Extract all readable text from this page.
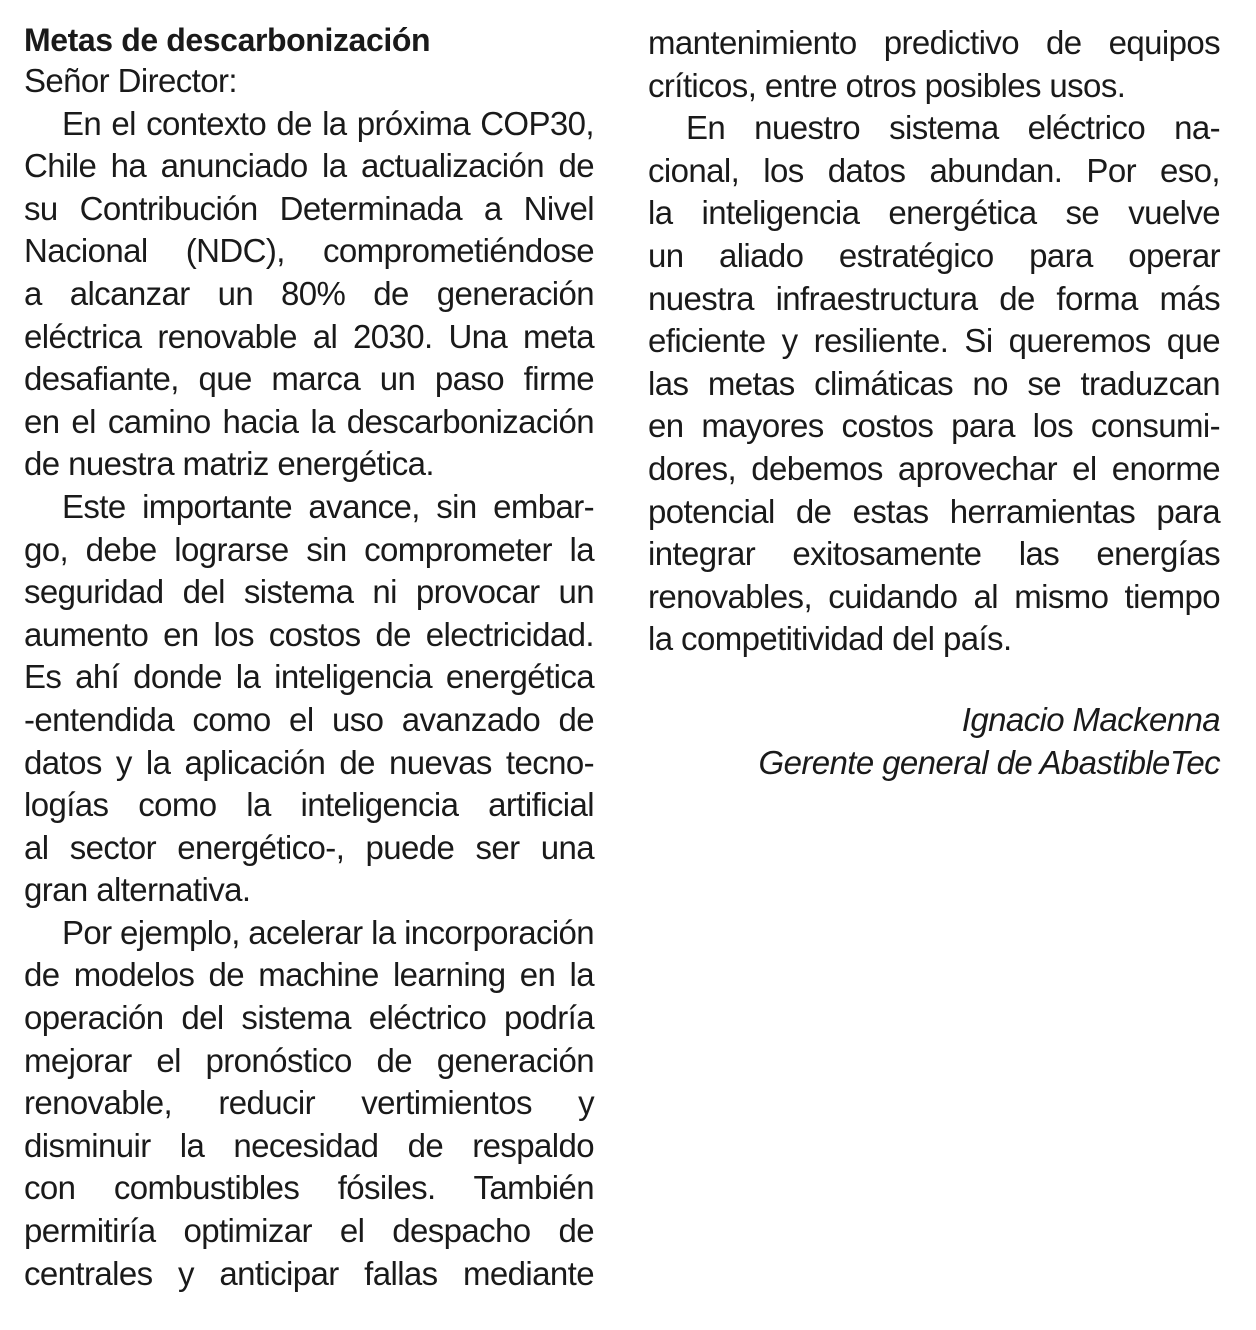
Metas de descarbonización
Señor Director:
En el contexto de la próxima COP30,
Chile ha anunciado la actualización de
su Contribución Determinada a Nivel
Nacional (NDC), comprometiéndose
a alcanzar un 80% de generación
eléctrica renovable al 2030. Una meta
desafiante, que marca un paso firme
en el camino hacia la descarbonización
de nuestra matriz energética.
Este importante avance, sin embar-
go, debe lograrse sin comprometer la
seguridad del sistema ni provocar un
aumento en los costos de electricidad.
Es ahí donde la inteligencia energética
-entendida como el uso avanzado de
datos y la aplicación de nuevas tecno-
logías como la inteligencia artificial
al sector energético-, puede ser una
gran alternativa.
Por ejemplo, acelerar la incorporación
de modelos de machine learning en la
operación del sistema eléctrico podría
mejorar el pronóstico de generación
renovable, reducir vertimientos y
disminuir la necesidad de respaldo
con combustibles fósiles. También
permitiría optimizar el despacho de
centrales y anticipar fallas mediante
mantenimiento predictivo de equipos
críticos, entre otros posibles usos.
En nuestro sistema eléctrico na-
cional, los datos abundan. Por eso,
la inteligencia energética se vuelve
un aliado estratégico para operar
nuestra infraestructura de forma más
eficiente y resiliente. Si queremos que
las metas climáticas no se traduzcan
en mayores costos para los consumi-
dores, debemos aprovechar el enorme
potencial de estas herramientas para
integrar exitosamente las energías
renovables, cuidando al mismo tiempo
la competitividad del país.
Ignacio Mackenna
Gerente general de AbastibleTec
